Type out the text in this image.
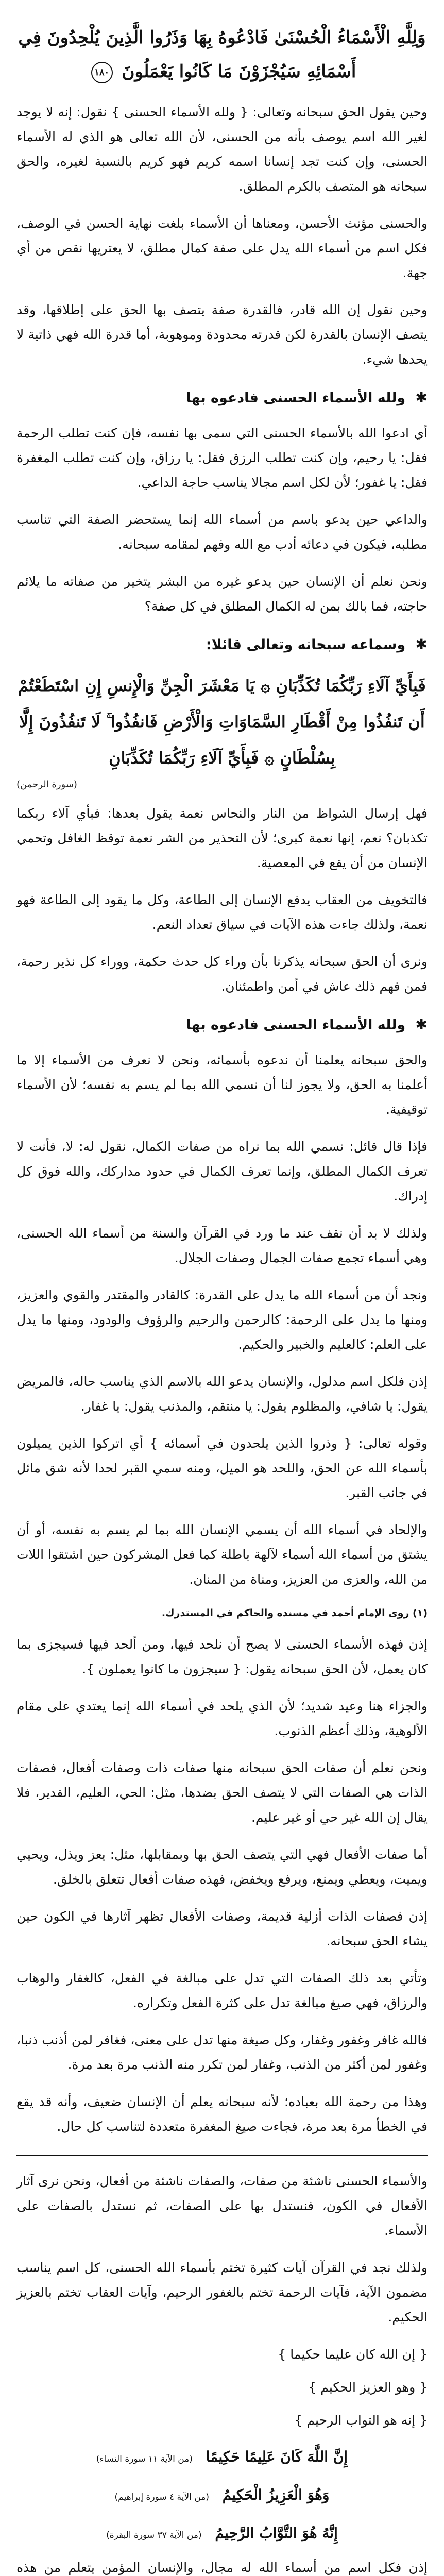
وَلِلَّهِ الْأَسْمَاءُ الْحُسْنَىٰ فَادْعُوهُ بِهَا وَذَرُوا الَّذِينَ يُلْحِدُونَ فِي أَسْمَائِهِ سَيُجْزَوْنَ مَا كَانُوا يَعْمَلُونَ ١٨٠

وحين يقول الحق سبحانه وتعالى: { ولله الأسماء الحسنى } نقول: إنه لا يوجد لغير الله اسم يوصف بأنه من الحسنى، لأن الله تعالى هو الذي له الأسماء الحسنى، وإن كنت تجد إنسانا اسمه كريم فهو كريم بالنسبة لغيره، والحق سبحانه هو المتصف بالكرم المطلق.

والحسنى مؤنث الأحسن، ومعناها أن الأسماء بلغت نهاية الحسن في الوصف، فكل اسم من أسماء الله يدل على صفة كمال مطلق، لا يعتريها نقص من أي جهة.

وحين نقول إن الله قادر، فالقدرة صفة يتصف بها الحق على إطلاقها، وقد يتصف الإنسان بالقدرة لكن قدرته محدودة وموهوبة، أما قدرة الله فهي ذاتية لا يحدها شيء.

✱ ولله الأسماء الحسنى فادعوه بها

أي ادعوا الله بالأسماء الحسنى التي سمى بها نفسه، فإن كنت تطلب الرحمة فقل: يا رحيم، وإن كنت تطلب الرزق فقل: يا رزاق، وإن كنت تطلب المغفرة فقل: يا غفور؛ لأن لكل اسم مجالا يناسب حاجة الداعي.

والداعي حين يدعو باسم من أسماء الله إنما يستحضر الصفة التي تناسب مطلبه، فيكون في دعائه أدب مع الله وفهم لمقامه سبحانه.

ونحن نعلم أن الإنسان حين يدعو غيره من البشر يتخير من صفاته ما يلائم حاجته، فما بالك بمن له الكمال المطلق في كل صفة؟

✱ وسماعه سبحانه وتعالى قائلا:
فَبِأَيِّ آلَاءِ رَبِّكُمَا تُكَذِّبَانِ ۞ يَا مَعْشَرَ الْجِنِّ وَالْإِنسِ إِنِ اسْتَطَعْتُمْ أَن تَنفُذُوا مِنْ أَقْطَارِ السَّمَاوَاتِ وَالْأَرْضِ فَانفُذُوا ۚ لَا تَنفُذُونَ إِلَّا بِسُلْطَانٍ ۞ فَبِأَيِّ آلَاءِ رَبِّكُمَا تُكَذِّبَانِ
(سورة الرحمن)

فهل إرسال الشواظ من النار والنحاس نعمة يقول بعدها: فبأي آلاء ربكما تكذبان؟ نعم، إنها نعمة كبرى؛ لأن التحذير من الشر نعمة توقظ الغافل وتحمي الإنسان من أن يقع في المعصية.

فالتخويف من العقاب يدفع الإنسان إلى الطاعة، وكل ما يقود إلى الطاعة فهو نعمة، ولذلك جاءت هذه الآيات في سياق تعداد النعم.

ونرى أن الحق سبحانه يذكرنا بأن وراء كل حدث حكمة، ووراء كل نذير رحمة، فمن فهم ذلك عاش في أمن واطمئنان.

✱ ولله الأسماء الحسنى فادعوه بها

والحق سبحانه يعلمنا أن ندعوه بأسمائه، ونحن لا نعرف من الأسماء إلا ما أعلمنا به الحق، ولا يجوز لنا أن نسمي الله بما لم يسم به نفسه؛ لأن الأسماء توقيفية.

فإذا قال قائل: نسمي الله بما نراه من صفات الكمال، نقول له: لا، فأنت لا تعرف الكمال المطلق، وإنما تعرف الكمال في حدود مداركك، والله فوق كل إدراك.

ولذلك لا بد أن نقف عند ما ورد في القرآن والسنة من أسماء الله الحسنى، وهي أسماء تجمع صفات الجمال وصفات الجلال.

ونجد أن من أسماء الله ما يدل على القدرة: كالقادر والمقتدر والقوي والعزيز، ومنها ما يدل على الرحمة: كالرحمن والرحيم والرؤوف والودود، ومنها ما يدل على العلم: كالعليم والخبير والحكيم.

إذن فلكل اسم مدلول، والإنسان يدعو الله بالاسم الذي يناسب حاله، فالمريض يقول: يا شافي، والمظلوم يقول: يا منتقم، والمذنب يقول: يا غفار.

وقوله تعالى: { وذروا الذين يلحدون في أسمائه } أي اتركوا الذين يميلون بأسماء الله عن الحق، واللحد هو الميل، ومنه سمي القبر لحدا لأنه شق مائل في جانب القبر.

والإلحاد في أسماء الله أن يسمي الإنسان الله بما لم يسم به نفسه، أو أن يشتق من أسماء الله أسماء لآلهة باطلة كما فعل المشركون حين اشتقوا اللات من الله، والعزى من العزيز، ومناة من المنان.

(١) روى الإمام أحمد في مسنده والحاكم في المستدرك.

إذن فهذه الأسماء الحسنى لا يصح أن نلحد فيها، ومن ألحد فيها فسيجزى بما كان يعمل، لأن الحق سبحانه يقول: { سيجزون ما كانوا يعملون }.

والجزاء هنا وعيد شديد؛ لأن الذي يلحد في أسماء الله إنما يعتدي على مقام الألوهية، وذلك أعظم الذنوب.

ونحن نعلم أن صفات الحق سبحانه منها صفات ذات وصفات أفعال، فصفات الذات هي الصفات التي لا يتصف الحق بضدها، مثل: الحي، العليم، القدير، فلا يقال إن الله غير حي أو غير عليم.

أما صفات الأفعال فهي التي يتصف الحق بها وبمقابلها، مثل: يعز ويذل، ويحيي ويميت، ويعطي ويمنع، ويرفع ويخفض، فهذه صفات أفعال تتعلق بالخلق.

إذن فصفات الذات أزلية قديمة، وصفات الأفعال تظهر آثارها في الكون حين يشاء الحق سبحانه.

وتأتي بعد ذلك الصفات التي تدل على مبالغة في الفعل، كالغفار والوهاب والرزاق، فهي صيغ مبالغة تدل على كثرة الفعل وتكراره.

فالله غافر وغفور وغفار، وكل صيغة منها تدل على معنى، فغافر لمن أذنب ذنبا، وغفور لمن أكثر من الذنب، وغفار لمن تكرر منه الذنب مرة بعد مرة.

وهذا من رحمة الله بعباده؛ لأنه سبحانه يعلم أن الإنسان ضعيف، وأنه قد يقع في الخطأ مرة بعد مرة، فجاءت صيغ المغفرة متعددة لتناسب كل حال.

والأسماء الحسنى ناشئة من صفات، والصفات ناشئة من أفعال، ونحن نرى آثار الأفعال في الكون، فنستدل بها على الصفات، ثم نستدل بالصفات على الأسماء.

ولذلك نجد في القرآن آيات كثيرة تختم بأسماء الله الحسنى، كل اسم يناسب مضمون الآية، فآيات الرحمة تختم بالغفور الرحيم، وآيات العقاب تختم بالعزيز الحكيم.

{ إن الله كان عليما حكيما }
{ وهو العزيز الحكيم }
{ إنه هو التواب الرحيم }
إِنَّ اللَّهَ كَانَ عَلِيمًا حَكِيمًا (من الآية ١١ سورة النساء)
وَهُوَ الْعَزِيزُ الْحَكِيمُ (من الآية ٤ سورة إبراهيم)
إِنَّهُ هُوَ التَّوَّابُ الرَّحِيمُ (من الآية ٣٧ سورة البقرة)

إذن فكل اسم من أسماء الله له مجال، والإنسان المؤمن يتعلم من هذه
